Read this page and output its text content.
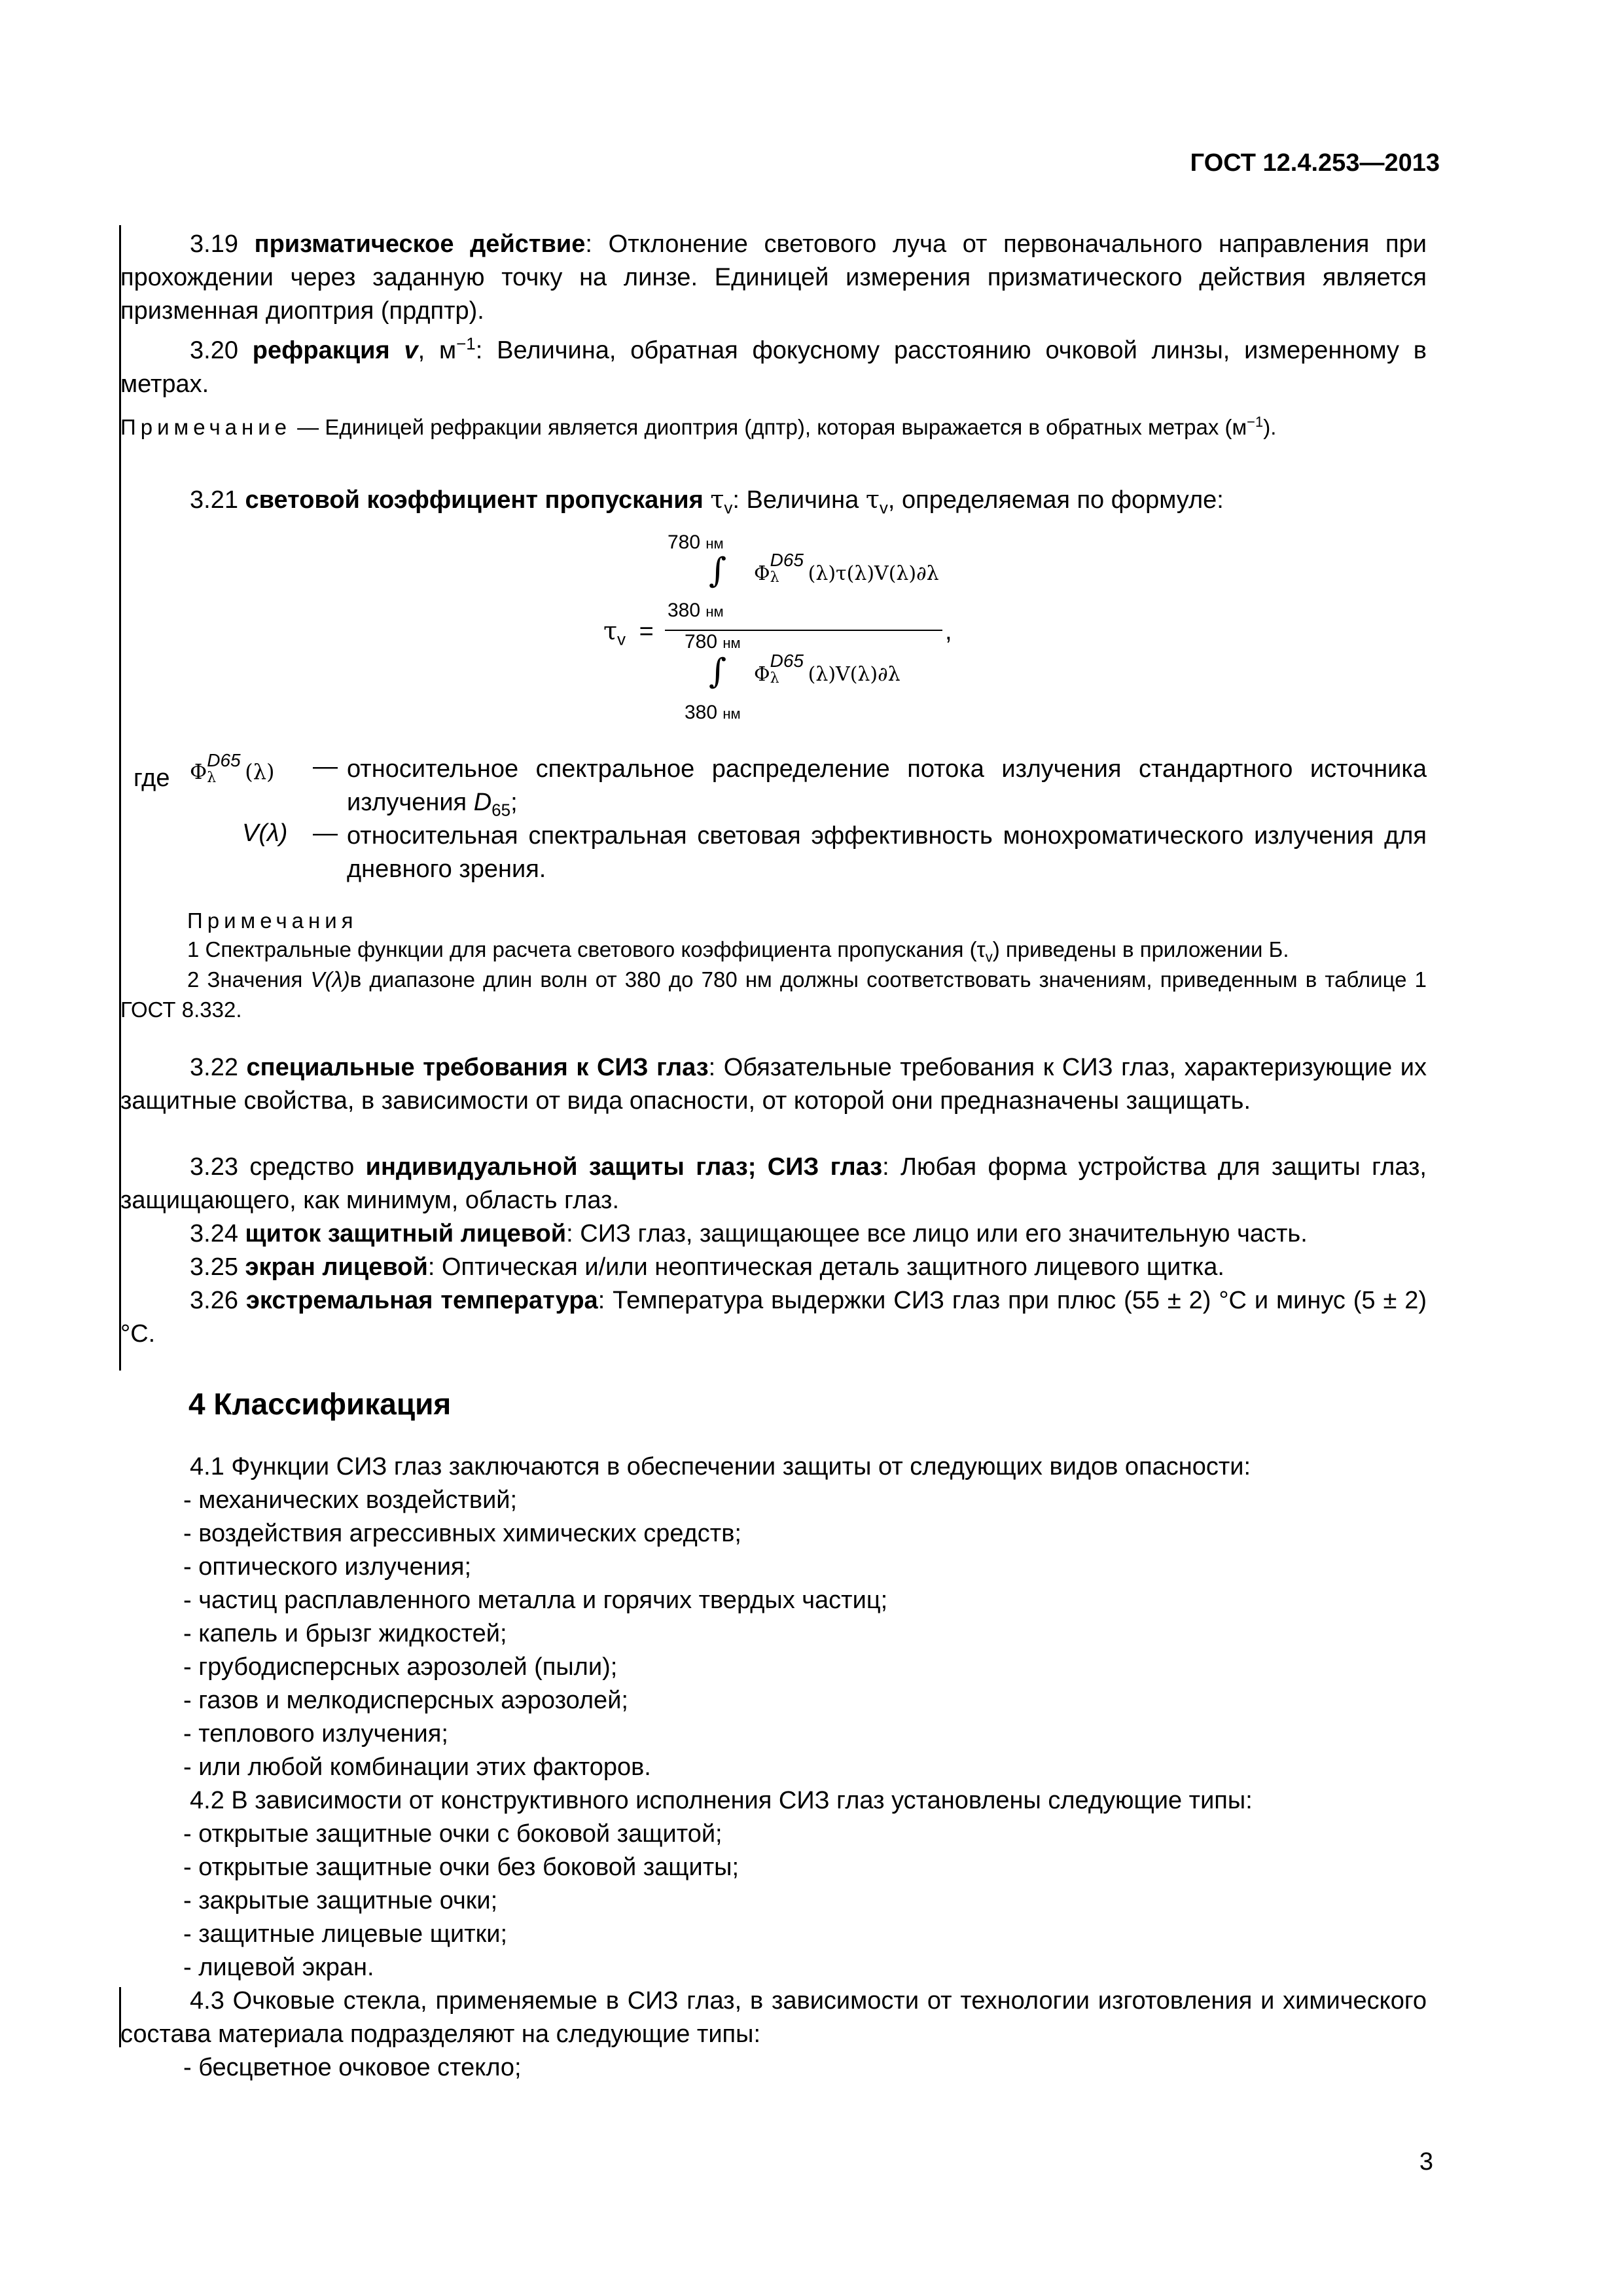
ГОСТ 12.4.253—2013
3.19 призматическое действие: Отклонение светового луча от первоначального направления при прохождении через заданную точку на линзе. Единицей измерения призматического действия является призменная диоптрия (прдптр).
3.20 рефракция v, $м^{-1}$: Величина, обратная фокусному расстоянию очковой линзы, измеренному в метрах.
Примечание — Единицей рефракции является диоптрия (дптр), которая выражается в обратных метрах $(м^{-1})$.
3.21 световой коэффициент пропускания $\tau_v$: Величина $\tau_v$, определяемая по формуле:
$\tau_v$ =
780 нм
∫ Φ
D65
λ (λ)τ(λ)V(λ)∂λ
380 нм
,
780 нм
∫ Φ
D65
λ (λ)V(λ)∂λ
380 нм
где Φ D65
λ (λ) — относительное спектральное распределение потока излучения стандартного источника излучения $D_{65}$;
V(λ) — относительная спектральная световая эффективность монохроматического излучения для дневного зрения.
Примечания
1 Спектральные функции для расчета светового коэффициента пропускания $(\tau_v)$ приведены в приложении Б.
2 Значения V(λ)в диапазоне длин волн от 380 до 780 нм должны соответствовать значениям, приведенным в таблице 1 ГОСТ 8.332.
3.22 специальные требования к СИЗ глаз: Обязательные требования к СИЗ глаз, характеризующие их защитные свойства, в зависимости от вида опасности, от которой они предназначены защищать.
3.23 средство индивидуальной защиты глаз; СИЗ глаз: Любая форма устройства для защиты глаз, защищающего, как минимум, область глаз.
3.24 щиток защитный лицевой: СИЗ глаз, защищающее все лицо или его значительную часть.
3.25 экран лицевой: Оптическая и/или неоптическая деталь защитного лицевого щитка.
3.26 экстремальная температура: Температура выдержки СИЗ глаз при плюс (55 ± 2) °С и минус (5 ± 2) °С.
4 Классификация
4.1 Функции СИЗ глаз заключаются в обеспечении защиты от следующих видов опасности:
- механических воздействий;
- воздействия агрессивных химических средств;
- оптического излучения;
- частиц расплавленного металла и горячих твердых частиц;
- капель и брызг жидкостей;
- грубодисперсных аэрозолей (пыли);
- газов и мелкодисперсных аэрозолей;
- теплового излучения;
- или любой комбинации этих факторов.
4.2 В зависимости от конструктивного исполнения СИЗ глаз установлены следующие типы:
- открытые защитные очки с боковой защитой;
- открытые защитные очки без боковой защиты;
- закрытые защитные очки;
- защитные лицевые щитки;
- лицевой экран.
4.3 Очковые стекла, применяемые в СИЗ глаз, в зависимости от технологии изготовления и химического состава материала подразделяют на следующие типы:
- бесцветное очковое стекло;
3
